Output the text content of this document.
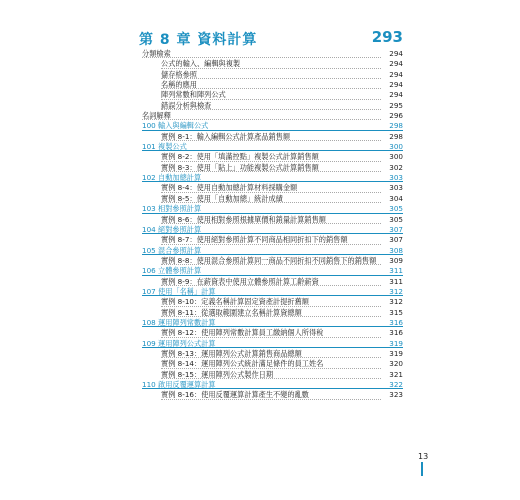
第 8 章 資料計算	293
分類檢索	294
公式的輸入、編輯與複製	294
儲存格參照	294
名稱的應用	294
陣列常數和陣列公式	294
錯誤分析與檢查	295
名詞解釋	296
100 輸入與編輯公式	298
實例 8-1：輸入編輯公式計算產品銷售額	298
101 複製公式	300
實例 8-2：使用「填滿控點」複製公式計算銷售額	300
實例 8-3：使用「貼上」功能複製公式計算銷售額	302
102 自動加總計算	303
實例 8-4：使用自動加總計算材料採購金額	303
實例 8-5：使用「自動加總」統計成績	304
103 相對參照計算	305
實例 8-6：使用相對參照根據單價和銷量計算銷售額	305
104 絕對參照計算	307
實例 8-7：使用絕對參照計算不同商品相同折扣下的銷售額	307
105 混合參照計算	308
實例 8-8：使用混合參照計算同一商品不同折扣不同銷售下的銷售額 309
106 立體參照計算	311
實例 8-9：在薪資表中使用立體參照計算工齡薪資	311
107 使用「名稱」計算	312
實例 8-10：定義名稱計算固定資產計提折舊額	312
實例 8-11：從選取範圍建立名稱計算資總額	315
108 運用陣列常數計算	316
實例 8-12：使用陣列常數計算員工繳納個人所得稅	316
109 運用陣列公式計算	319
實例 8-13：運用陣列公式計算銷售商品總額	319
實例 8-14：運用陣列公式統計滿足條件的員工姓名	320
實例 8-15：運用陣列公式製作日期	321
110 啟用反覆運算計算	322
實例 8-16：使用反覆運算計算產生不變的亂數	323
13
